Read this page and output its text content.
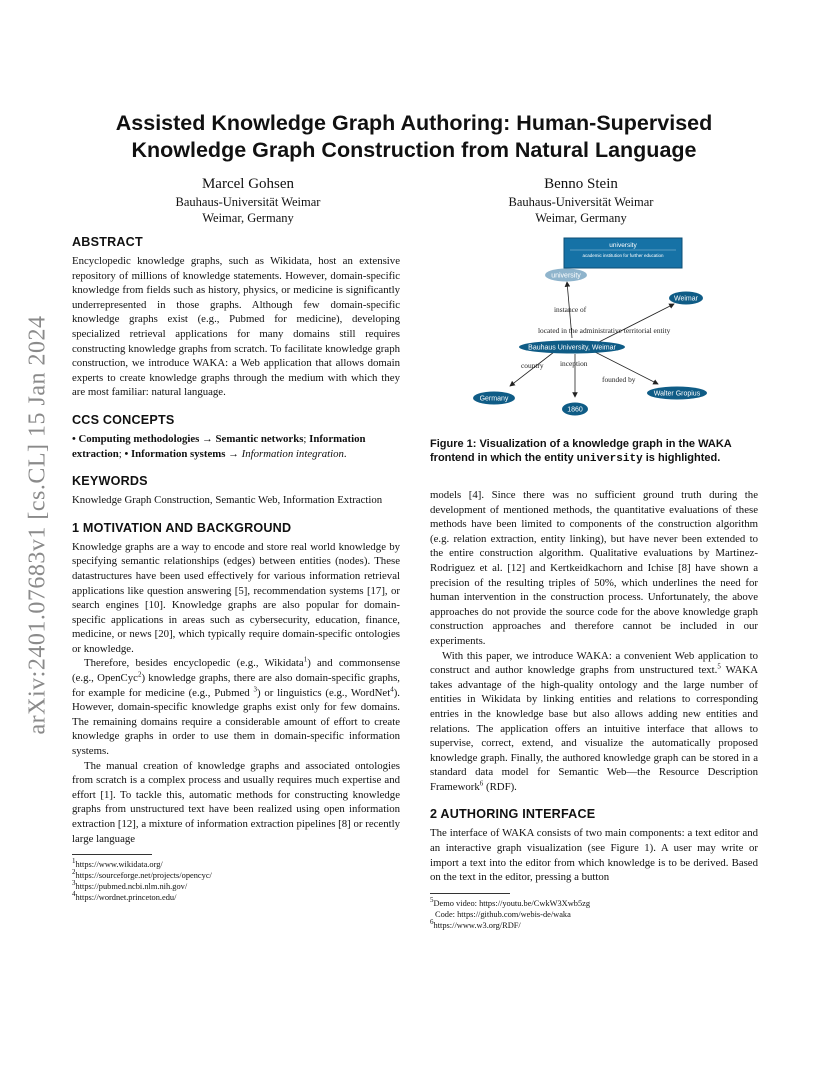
arXiv:2401.07683v1 [cs.CL] 15 Jan 2024
Assisted Knowledge Graph Authoring: Human-Supervised
Knowledge Graph Construction from Natural Language
Marcel Gohsen
Bauhaus-Universität Weimar
Weimar, Germany
Benno Stein
Bauhaus-Universität Weimar
Weimar, Germany
ABSTRACT

Encyclopedic knowledge graphs, such as Wikidata, host an extensive repository of millions of knowledge statements. However, domain-specific knowledge from fields such as history, physics, or medicine is significantly underrepresented in those graphs. Although few domain-specific knowledge graphs exist (e.g., Pubmed for medicine), developing specialized retrieval applications for many domains still requires constructing knowledge graphs from scratch. To facilitate knowledge graph construction, we introduce WAKA: a Web application that allows domain experts to create knowledge graphs through the medium with which they are most familiar: natural language.

CCS CONCEPTS

• Computing methodologies → Semantic networks; Information extraction; • Information systems → Information integration.

KEYWORDS

Knowledge Graph Construction, Semantic Web, Information Extraction

1 MOTIVATION AND BACKGROUND

Knowledge graphs are a way to encode and store real world knowledge by specifying semantic relationships (edges) between entities (nodes). These datastructures have been used effectively for various information retrieval applications like question answering [5], recommendation systems [17], or search engines [10]. Knowledge graphs are also popular for domain-specific applications in areas such as cybersecurity, education, finance, medicine, or news [20], which typically require domain-specific ontologies or knowledge.

Therefore, besides encyclopedic (e.g., Wikidata$^1$) and commonsense (e.g., OpenCyc$^2$) knowledge graphs, there are also domain-specific graphs, for example for medicine (e.g., Pubmed $^3$) or linguistics (e.g., WordNet$^4$). However, domain-specific knowledge graphs exist only for few domains. The remaining domains require a considerable amount of effort to create knowledge graphs in order to use them in domain-specific information systems.

The manual creation of knowledge graphs and associated ontologies from scratch is a complex process and usually requires much expertise and effort [1]. To tackle this, automatic methods for constructing knowledge graphs from unstructured text have been realized using open information extraction [12], a mixture of information extraction pipelines [8] or recently large language

$^1$https://www.wikidata.org/
$^2$https://sourceforge.net/projects/opencyc/
$^3$https://pubmed.ncbi.nlm.nih.gov/
$^4$https://wordnet.princeton.edu/
university
academic institution for further education
instance of
located in the administrative territorial entity
country inception
founded by
university
Weimar
Bauhaus University, Weimar
Germany
1860
Walter Gropius
Figure 1: Visualization of a knowledge graph in the WAKA frontend in which the entity university is highlighted.

models [4]. Since there was no sufficient ground truth during the development of mentioned methods, the quantitative evaluations of these methods have been limited to components of the construction algorithm (e.g. relation extraction, entity linking), but have never been extended to the entire construction algorithm. Qualitative evaluations by Martinez-Rodriguez et al. [12] and Kertkeidkachorn and Ichise [8] have shown a precision of the resulting triples of 50%, which underlines the need for human intervention in the construction process. Unfortunately, the above approaches do not provide the source code for the above knowledge graph construction approaches and therefore cannot be included in our experiments.

With this paper, we introduce WAKA: a convenient Web application to construct and author knowledge graphs from unstructured text.$^5$ WAKA takes advantage of the high-quality ontology and the large number of entities in Wikidata by linking entities and relations to corresponding entries in the knowledge base but also allows adding new entities and relations. The application offers an intuitive interface that allows to supervise, correct, extend, and visualize the automatically proposed knowledge graph. Finally, the authored knowledge graph can be stored in a standard data model for Semantic Web—the Resource Description Framework$^6$ (RDF).

2 AUTHORING INTERFACE

The interface of WAKA consists of two main components: a text editor and an interactive graph visualization (see Figure 1). A user may write or import a text into the editor from which knowledge is to be derived. Based on the text in the editor, pressing a button

$^5$Demo video: https://youtu.be/CwkW3Xwb5zg
Code: https://github.com/webis-de/waka
$^6$https://www.w3.org/RDF/
